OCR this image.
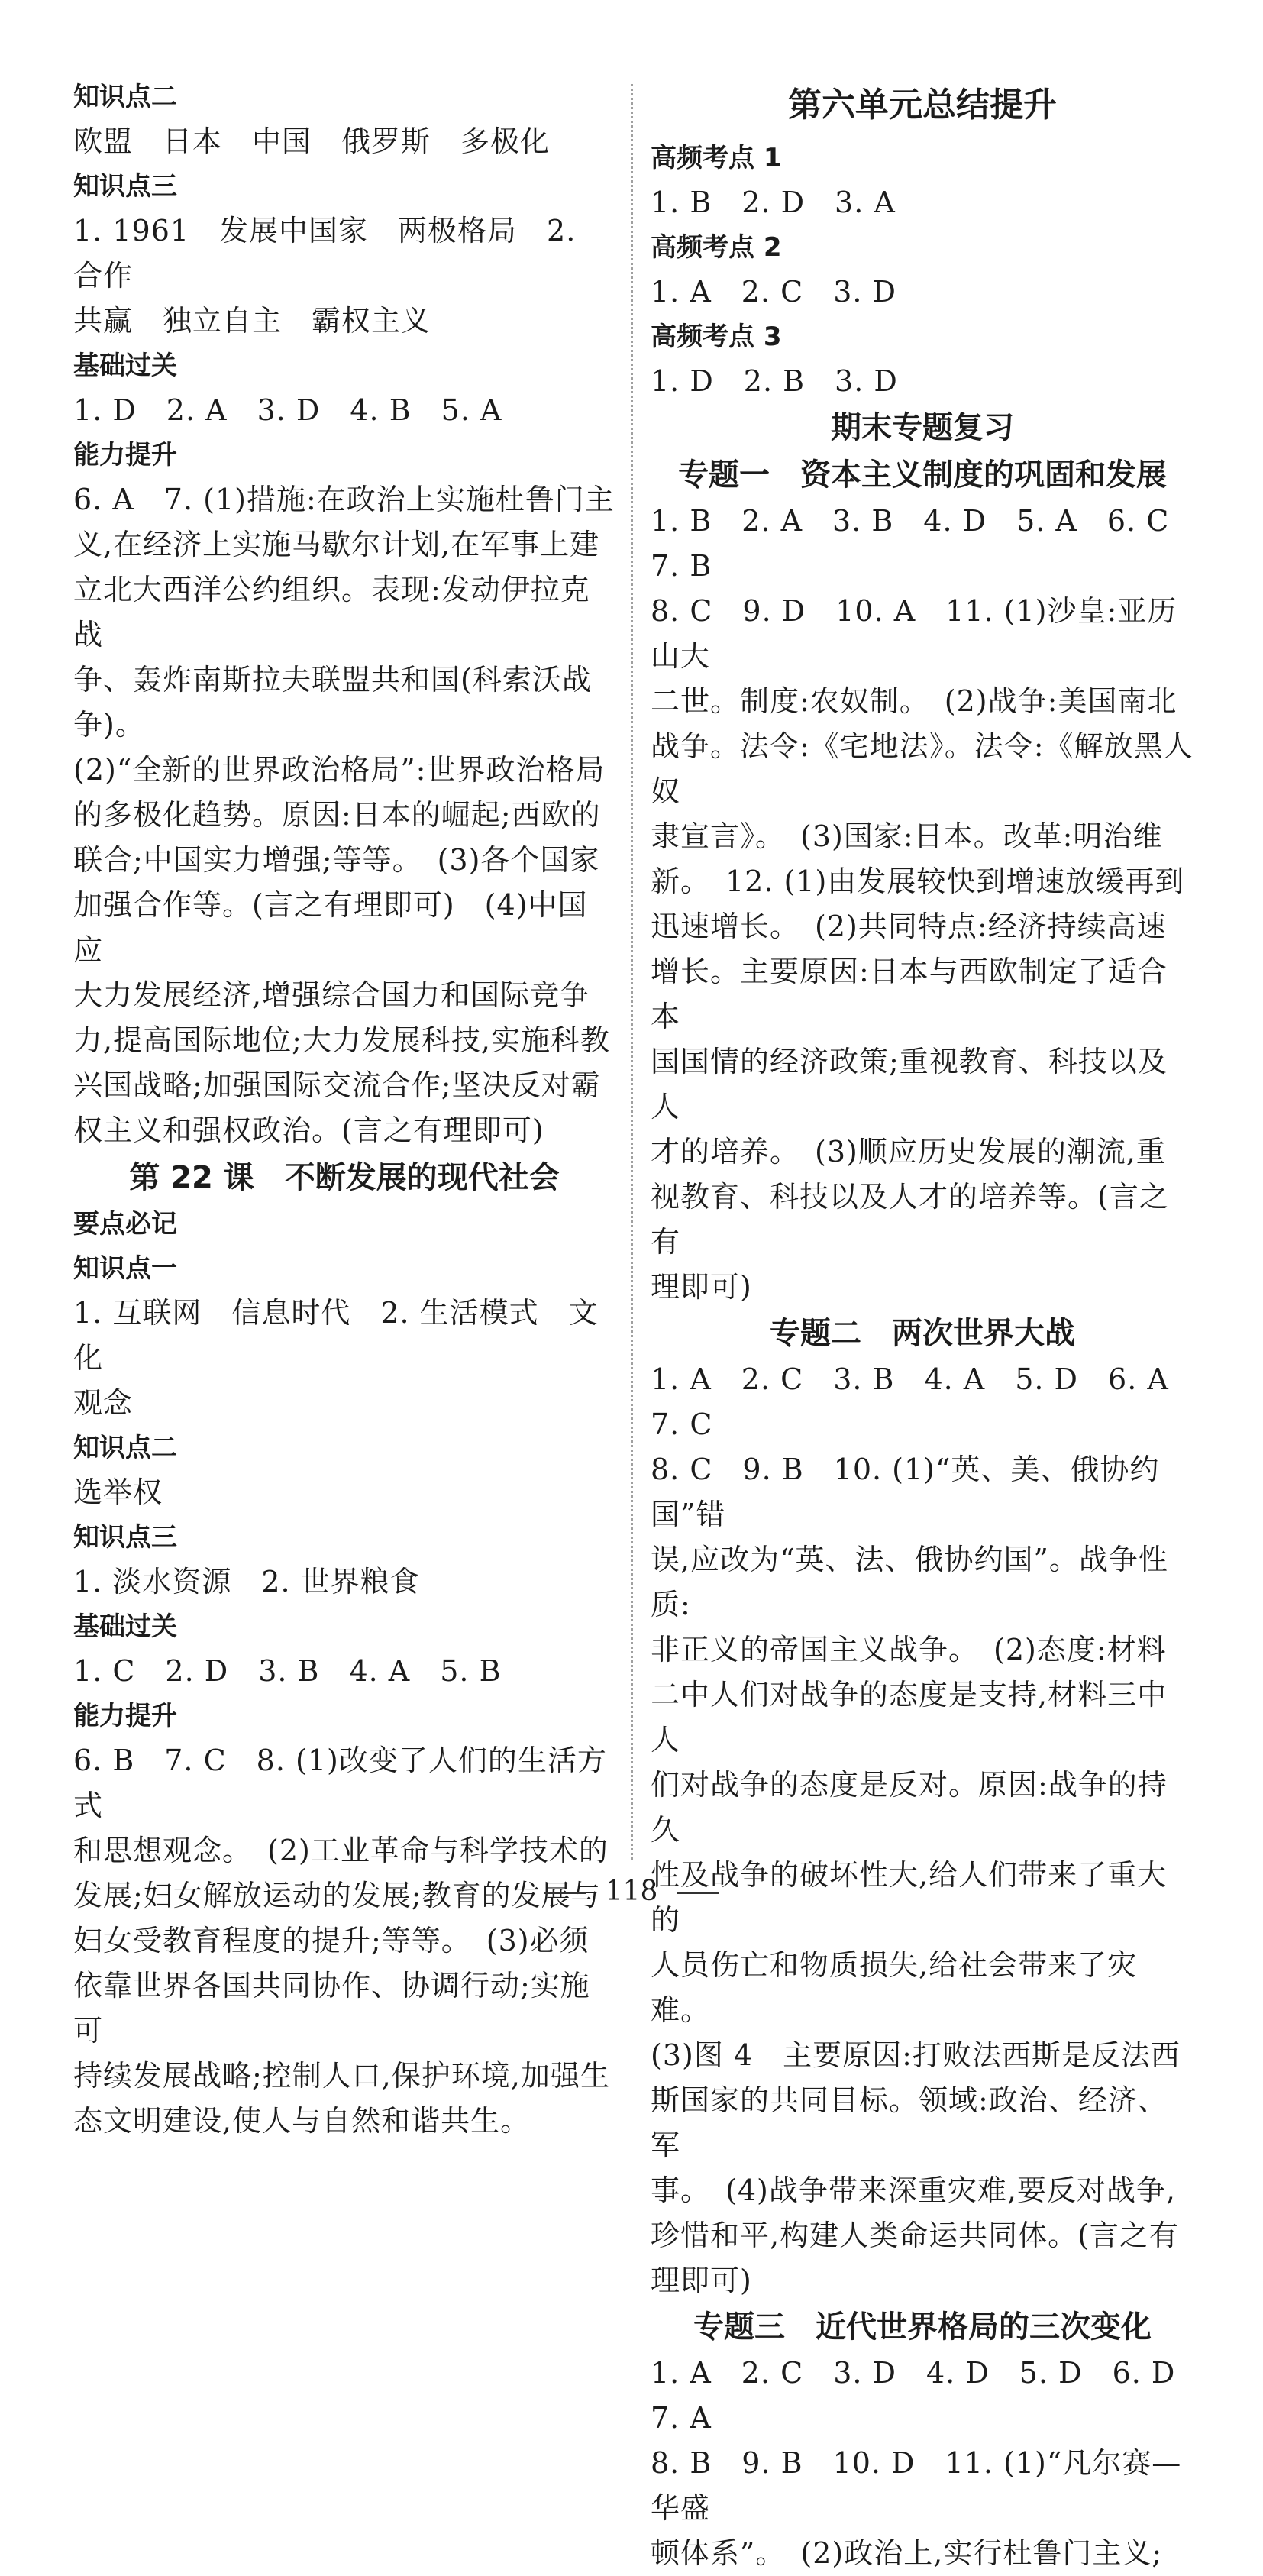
知识点二

欧盟　日本　中国　俄罗斯　多极化

知识点三

1. 1961　发展中国家　两极格局　2. 合作

共赢　独立自主　霸权主义

基础过关

1. D　2. A　3. D　4. B　5. A

能力提升

6. A　7. (1)措施:在政治上实施杜鲁门主

义,在经济上实施马歇尔计划,在军事上建

立北大西洋公约组织。表现:发动伊拉克战

争、轰炸南斯拉夫联盟共和国(科索沃战争)。

(2)“全新的世界政治格局”:世界政治格局

的多极化趋势。原因:日本的崛起;西欧的

联合;中国实力增强;等等。　(3)各个国家

加强合作等。(言之有理即可)　(4)中国应

大力发展经济,增强综合国力和国际竞争

力,提高国际地位;大力发展科技,实施科教

兴国战略;加强国际交流合作;坚决反对霸

权主义和强权政治。(言之有理即可)

第 22 课　不断发展的现代社会

要点必记

知识点一

1. 互联网　信息时代　2. 生活模式　文化

观念

知识点二

选举权

知识点三

1. 淡水资源　2. 世界粮食

基础过关

1. C　2. D　3. B　4. A　5. B

能力提升

6. B　7. C　8. (1)改变了人们的生活方式

和思想观念。　(2)工业革命与科学技术的

发展;妇女解放运动的发展;教育的发展与

妇女受教育程度的提升;等等。　(3)必须

依靠世界各国共同协作、协调行动;实施可

持续发展战略;控制人口,保护环境,加强生

态文明建设,使人与自然和谐共生。

第六单元总结提升

高频考点 1

1. B　2. D　3. A

高频考点 2

1. A　2. C　3. D

高频考点 3

1. D　2. B　3. D

期末专题复习

专题一　资本主义制度的巩固和发展

1. B　2. A　3. B　4. D　5. A　6. C　7. B

8. C　9. D　10. A　11. (1)沙皇:亚历山大

二世。制度:农奴制。　(2)战争:美国南北

战争。法令:《宅地法》。法令:《解放黑人奴

隶宣言》。　(3)国家:日本。改革:明治维

新。　12. (1)由发展较快到增速放缓再到

迅速增长。　(2)共同特点:经济持续高速

增长。主要原因:日本与西欧制定了适合本

国国情的经济政策;重视教育、科技以及人

才的培养。　(3)顺应历史发展的潮流,重

视教育、科技以及人才的培养等。(言之有

理即可)

专题二　两次世界大战

1. A　2. C　3. B　4. A　5. D　6. A　7. C

8. C　9. B　10. (1)“英、美、俄协约国”错

误,应改为“英、法、俄协约国”。战争性质:

非正义的帝国主义战争。　(2)态度:材料

二中人们对战争的态度是支持,材料三中人

们对战争的态度是反对。原因:战争的持久

性及战争的破坏性大,给人们带来了重大的

人员伤亡和物质损失,给社会带来了灾难。

(3)图 4　主要原因:打败法西斯是反法西

斯国家的共同目标。领域:政治、经济、军

事。　(4)战争带来深重灾难,要反对战争,

珍惜和平,构建人类命运共同体。(言之有

理即可)

专题三　近代世界格局的三次变化

1. A　2. C　3. D　4. D　5. D　6. D　7. A

8. B　9. B　10. D　11. (1)“凡尔赛—华盛

顿体系”。　(2)政治上,实行杜鲁门主义;

118
